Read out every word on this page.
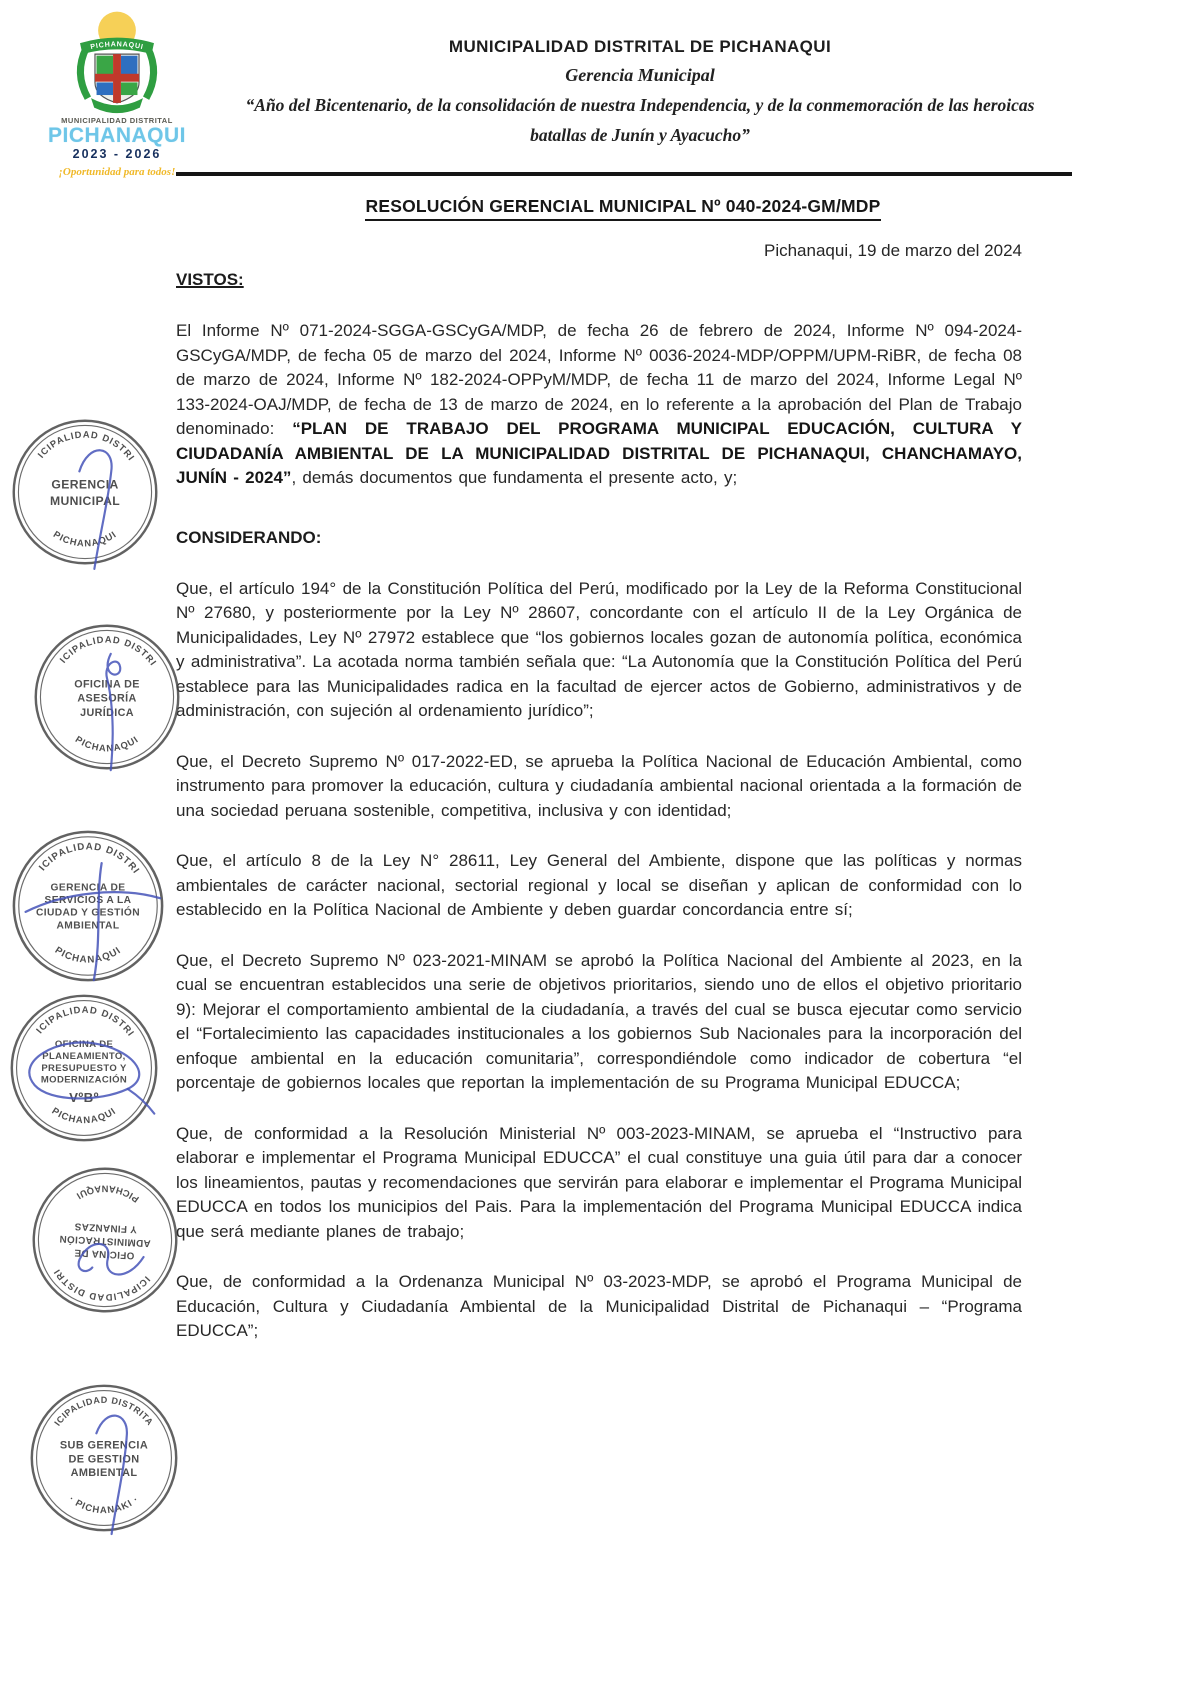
PICHANAQUI
MUNICIPALIDAD DISTRITAL
PICHANAQUI
2023 - 2026
¡Oportunidad para todos!
MUNICIPALIDAD DISTRITAL DE PICHANAQUI
Gerencia Municipal
“Año del Bicentenario, de la consolidación de nuestra Independencia, y de la conmemoración de las heroicas batallas de Junín y Ayacucho”
RESOLUCIÓN GERENCIAL MUNICIPAL Nº 040-2024-GM/MDP
Pichanaqui, 19 de marzo del 2024
VISTOS:

El Informe Nº 071-2024-SGGA-GSCyGA/MDP, de fecha 26 de febrero de 2024, Informe Nº 094-2024-GSCyGA/MDP, de fecha 05 de marzo del 2024, Informe Nº 0036-2024-MDP/OPPM/UPM-RiBR, de fecha 08 de marzo de 2024, Informe Nº 182-2024-OPPyM/MDP, de fecha 11 de marzo del 2024, Informe Legal Nº 133-2024-OAJ/MDP, de fecha de 13 de marzo de 2024, en lo referente a la aprobación del Plan de Trabajo denominado: “PLAN DE TRABAJO DEL PROGRAMA MUNICIPAL EDUCACIÓN, CULTURA Y CIUDADANÍA AMBIENTAL DE LA MUNICIPALIDAD DISTRITAL DE PICHANAQUI, CHANCHAMAYO, JUNÍN - 2024”, demás documentos que fundamenta el presente acto, y;

CONSIDERANDO:

Que, el artículo 194° de la Constitución Política del Perú, modificado por la Ley de la Reforma Constitucional Nº 27680, y posteriormente por la Ley Nº 28607, concordante con el artículo II de la Ley Orgánica de Municipalidades, Ley Nº 27972 establece que “los gobiernos locales gozan de autonomía política, económica y administrativa”. La acotada norma también señala que: “La Autonomía que la Constitución Política del Perú establece para las Municipalidades radica en la facultad de ejercer actos de Gobierno, administrativos y de administración, con sujeción al ordenamiento jurídico”;

Que, el Decreto Supremo Nº 017-2022-ED, se aprueba la Política Nacional de Educación Ambiental, como instrumento para promover la educación, cultura y ciudadanía ambiental nacional orientada a la formación de una sociedad peruana sostenible, competitiva, inclusiva y con identidad;

Que, el artículo 8 de la Ley N° 28611, Ley General del Ambiente, dispone que las políticas y normas ambientales de carácter nacional, sectorial regional y local se diseñan y aplican de conformidad con lo establecido en la Política Nacional de Ambiente y deben guardar concordancia entre sí;

Que, el Decreto Supremo Nº 023-2021-MINAM se aprobó la Política Nacional del Ambiente al 2023, en la cual se encuentran establecidos una serie de objetivos prioritarios, siendo uno de ellos el objetivo prioritario 9): Mejorar el comportamiento ambiental de la ciudadanía, a través del cual se busca ejecutar como servicio el “Fortalecimiento las capacidades institucionales a los gobiernos Sub Nacionales para la incorporación del enfoque ambiental en la educación comunitaria”, correspondiéndole como indicador de cobertura “el porcentaje de gobiernos locales que reportan la implementación de su Programa Municipal EDUCCA;

Que, de conformidad a la Resolución Ministerial Nº 003-2023-MINAM, se aprueba el “Instructivo para elaborar e implementar el Programa Municipal EDUCCA” el cual constituye una guia útil para dar a conocer los lineamientos, pautas y recomendaciones que servirán para elaborar e implementar el Programa Municipal EDUCCA en todos los municipios del Pais. Para la implementación del Programa Municipal EDUCCA indica que será mediante planes de trabajo;

Que, de conformidad a la Ordenanza Municipal Nº 03-2023-MDP, se aprobó el Programa Municipal de Educación, Cultura y Ciudadanía Ambiental de la Municipalidad Distrital de Pichanaqui – “Programa EDUCCA”;

MUNICIPALIDAD DISTRITAL
PICHANAQUI
GERENCIA
MUNICIPAL
MUNICIPALIDAD DISTRITAL
PICHANAQUI
OFICINA DE
ASESORÍA
JURÍDICA
MUNICIPALIDAD DISTRITAL
PICHANAQUI
GERENCIA DE
SERVICIOS A LA
CIUDAD Y GESTIÓN
AMBIENTAL
MUNICIPALIDAD DISTRITAL
PICHANAQUI
OFICINA DE
PLANEAMIENTO,
PRESUPUESTO Y
MODERNIZACIÓN
VºBº
MUNICIPALIDAD DISTRITAL
PICHANAQUI
OFICINA DE
ADMINISTRACIÓN
Y FINANZAS
MUNICIPALIDAD DISTRITAL DE
· PICHANAKI ·
SUB GERENCIA
DE GESTION
AMBIENTAL
